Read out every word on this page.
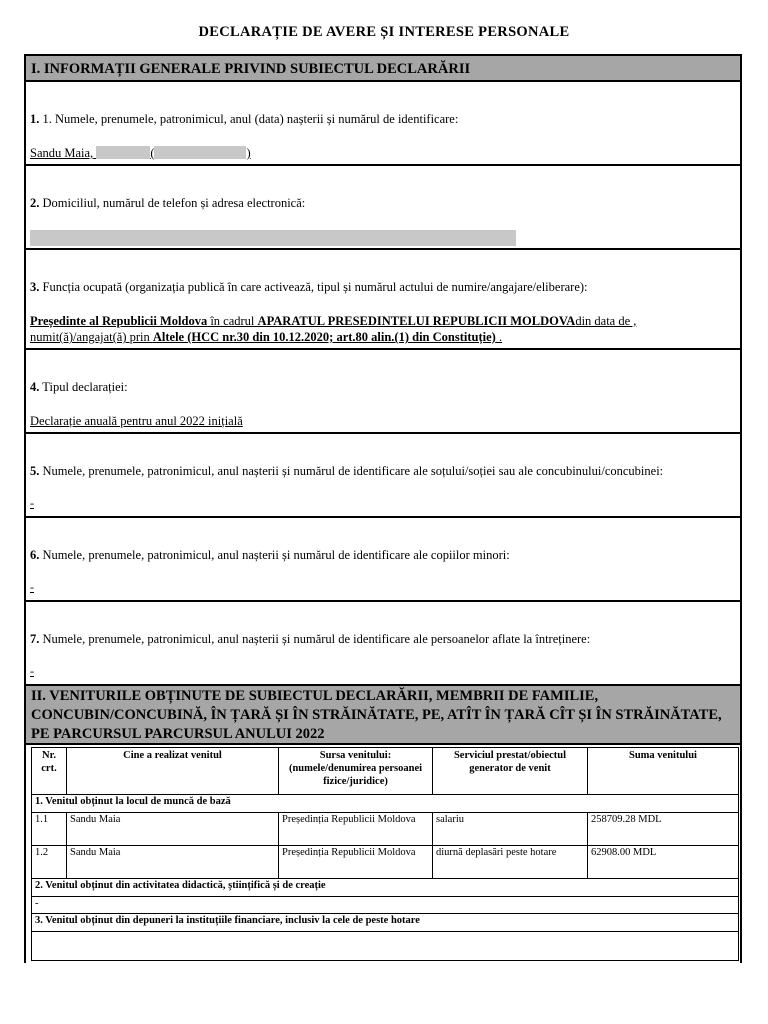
DECLARAȚIE DE AVERE ȘI INTERESE PERSONALE
I. INFORMAȚII GENERALE PRIVIND SUBIECTUL DECLARĂRII
1. 1. Numele, prenumele, patronimicul, anul (data) nașterii și numărul de identificare:
Sandu Maia,	(	)
2. Domiciliul, numărul de telefon și adresa electronică:
3. Funcția ocupată (organizația publică în care activează, tipul și numărul actului de numire/angajare/eliberare):
Președinte al Republicii Moldova în cadrul APARATUL PRESEDINTELUI REPUBLICII MOLDOVAdin data de ,
numit(ă)/angajat(ă) prin Altele (HCC nr.30 din 10.12.2020; art.80 alin.(1) din Constituție) .
4. Tipul declarației:
Declarație anuală pentru anul 2022 inițială
5. Numele, prenumele, patronimicul, anul nașterii și numărul de identificare ale soțului/soției sau ale concubinului/concubinei:
-
6. Numele, prenumele, patronimicul, anul nașterii și numărul de identificare ale copiilor minori:
-
7. Numele, prenumele, patronimicul, anul nașterii și numărul de identificare ale persoanelor aflate la întreținere:
-
II. VENITURILE OBȚINUTE DE SUBIECTUL DECLARĂRII, MEMBRII DE FAMILIE,
CONCUBIN/CONCUBINĂ, ÎN ȚARĂ ȘI ÎN STRĂINĂTATE, PE, ATÎT ÎN ȚARĂ CÎT ȘI ÎN STRĂINĂTATE,
PE PARCURSUL PARCURSUL ANULUI 2022
Nr. crt.	Cine a realizat venitul	Sursa venitului:
(numele/denumirea persoanei fizice/juridice)	Serviciul prestat/obiectul generator de venit	Suma venitului
1. Venitul obținut la locul de muncă de bază				
1.1	Sandu Maia	Președinția Republicii Moldova	salariu	258709.28 MDL
1.2	Sandu Maia	Președinția Republicii Moldova	diurnă deplasări peste hotare	62908.00 MDL
2. Venitul obținut din activitatea didactică, științifică și de creație				
-				
3. Venitul obținut din depuneri la instituțiile financiare, inclusiv la cele de peste hotare				
